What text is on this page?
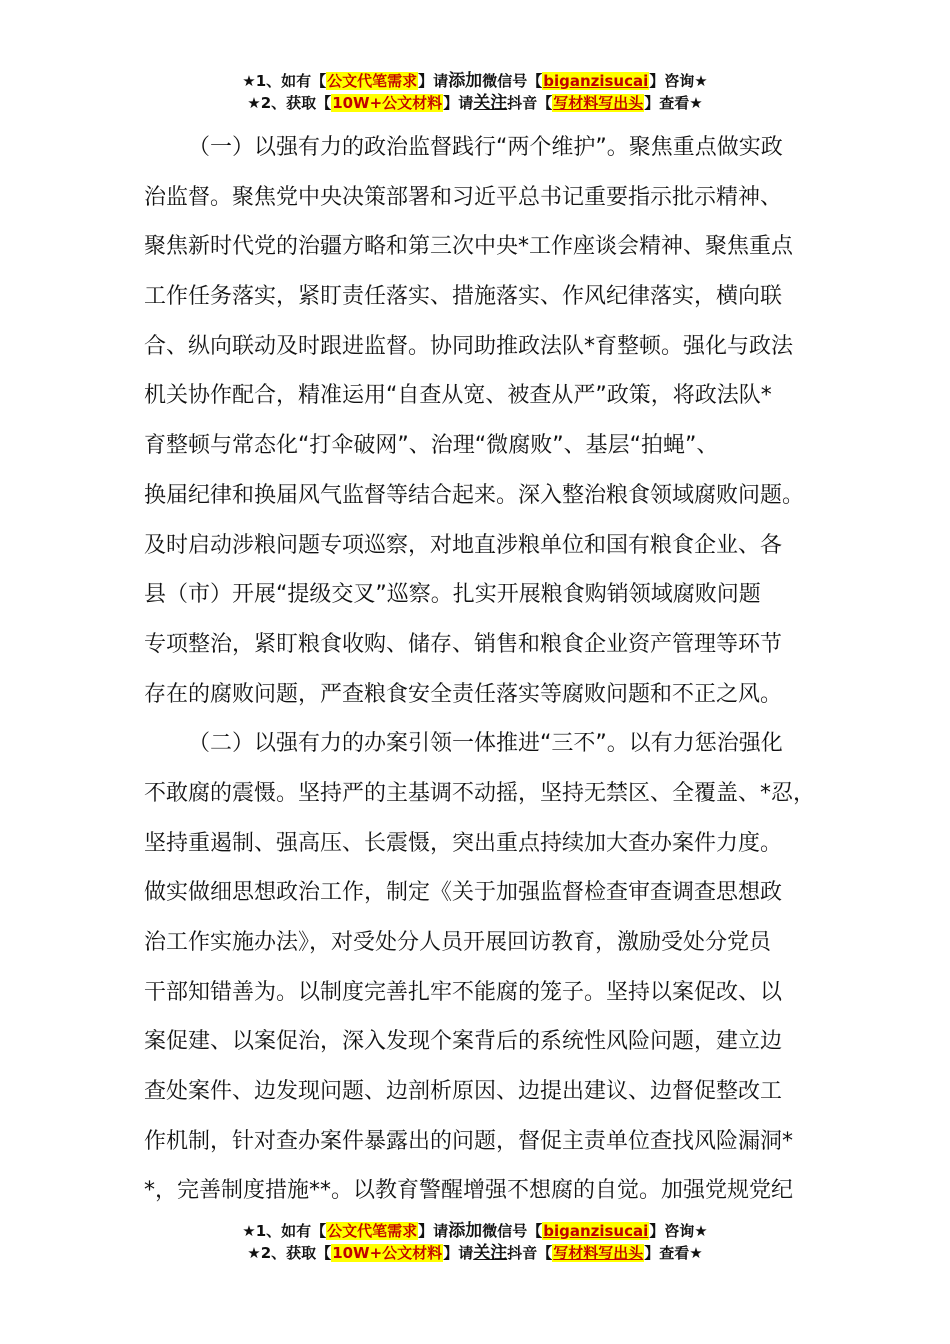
★1、如有【公文代笔需求】请添加微信号【biganzisucai】咨询★
★2、获取【10W+公文材料】请关注抖音【写材料写出头】查看★
（一）以强有力的政治监督践行“两个维护”。聚焦重点做实政
治监督。聚焦党中央决策部署和习近平总书记重要指示批示精神、
聚焦新时代党的治疆方略和第三次中央*工作座谈会精神、聚焦重点
工作任务落实，紧盯责任落实、措施落实、作风纪律落实，横向联
合、纵向联动及时跟进监督。协同助推政法队*育整顿。强化与政法
机关协作配合，精准运用“自查从宽、被查从严”政策，将政法队*
育整顿与常态化“打伞破网”、治理“微腐败”、基层“拍蝇”、
换届纪律和换届风气监督等结合起来。深入整治粮食领域腐败问题。
及时启动涉粮问题专项巡察，对地直涉粮单位和国有粮食企业、各
县（市）开展“提级交叉”巡察。扎实开展粮食购销领域腐败问题
专项整治，紧盯粮食收购、储存、销售和粮食企业资产管理等环节
存在的腐败问题，严查粮食安全责任落实等腐败问题和不正之风。
（二）以强有力的办案引领一体推进“三不”。以有力惩治强化
不敢腐的震慑。坚持严的主基调不动摇，坚持无禁区、全覆盖、*忍，
坚持重遏制、强高压、长震慑，突出重点持续加大查办案件力度。
做实做细思想政治工作，制定《关于加强监督检查审查调查思想政
治工作实施办法》，对受处分人员开展回访教育，激励受处分党员
干部知错善为。以制度完善扎牢不能腐的笼子。坚持以案促改、以
案促建、以案促治，深入发现个案背后的系统性风险问题，建立边
查处案件、边发现问题、边剖析原因、边提出建议、边督促整改工
作机制，针对查办案件暴露出的问题，督促主责单位查找风险漏洞*
*，完善制度措施**。以教育警醒增强不想腐的自觉。加强党规党纪
★1、如有【公文代笔需求】请添加微信号【biganzisucai】咨询★
★2、获取【10W+公文材料】请关注抖音【写材料写出头】查看★
